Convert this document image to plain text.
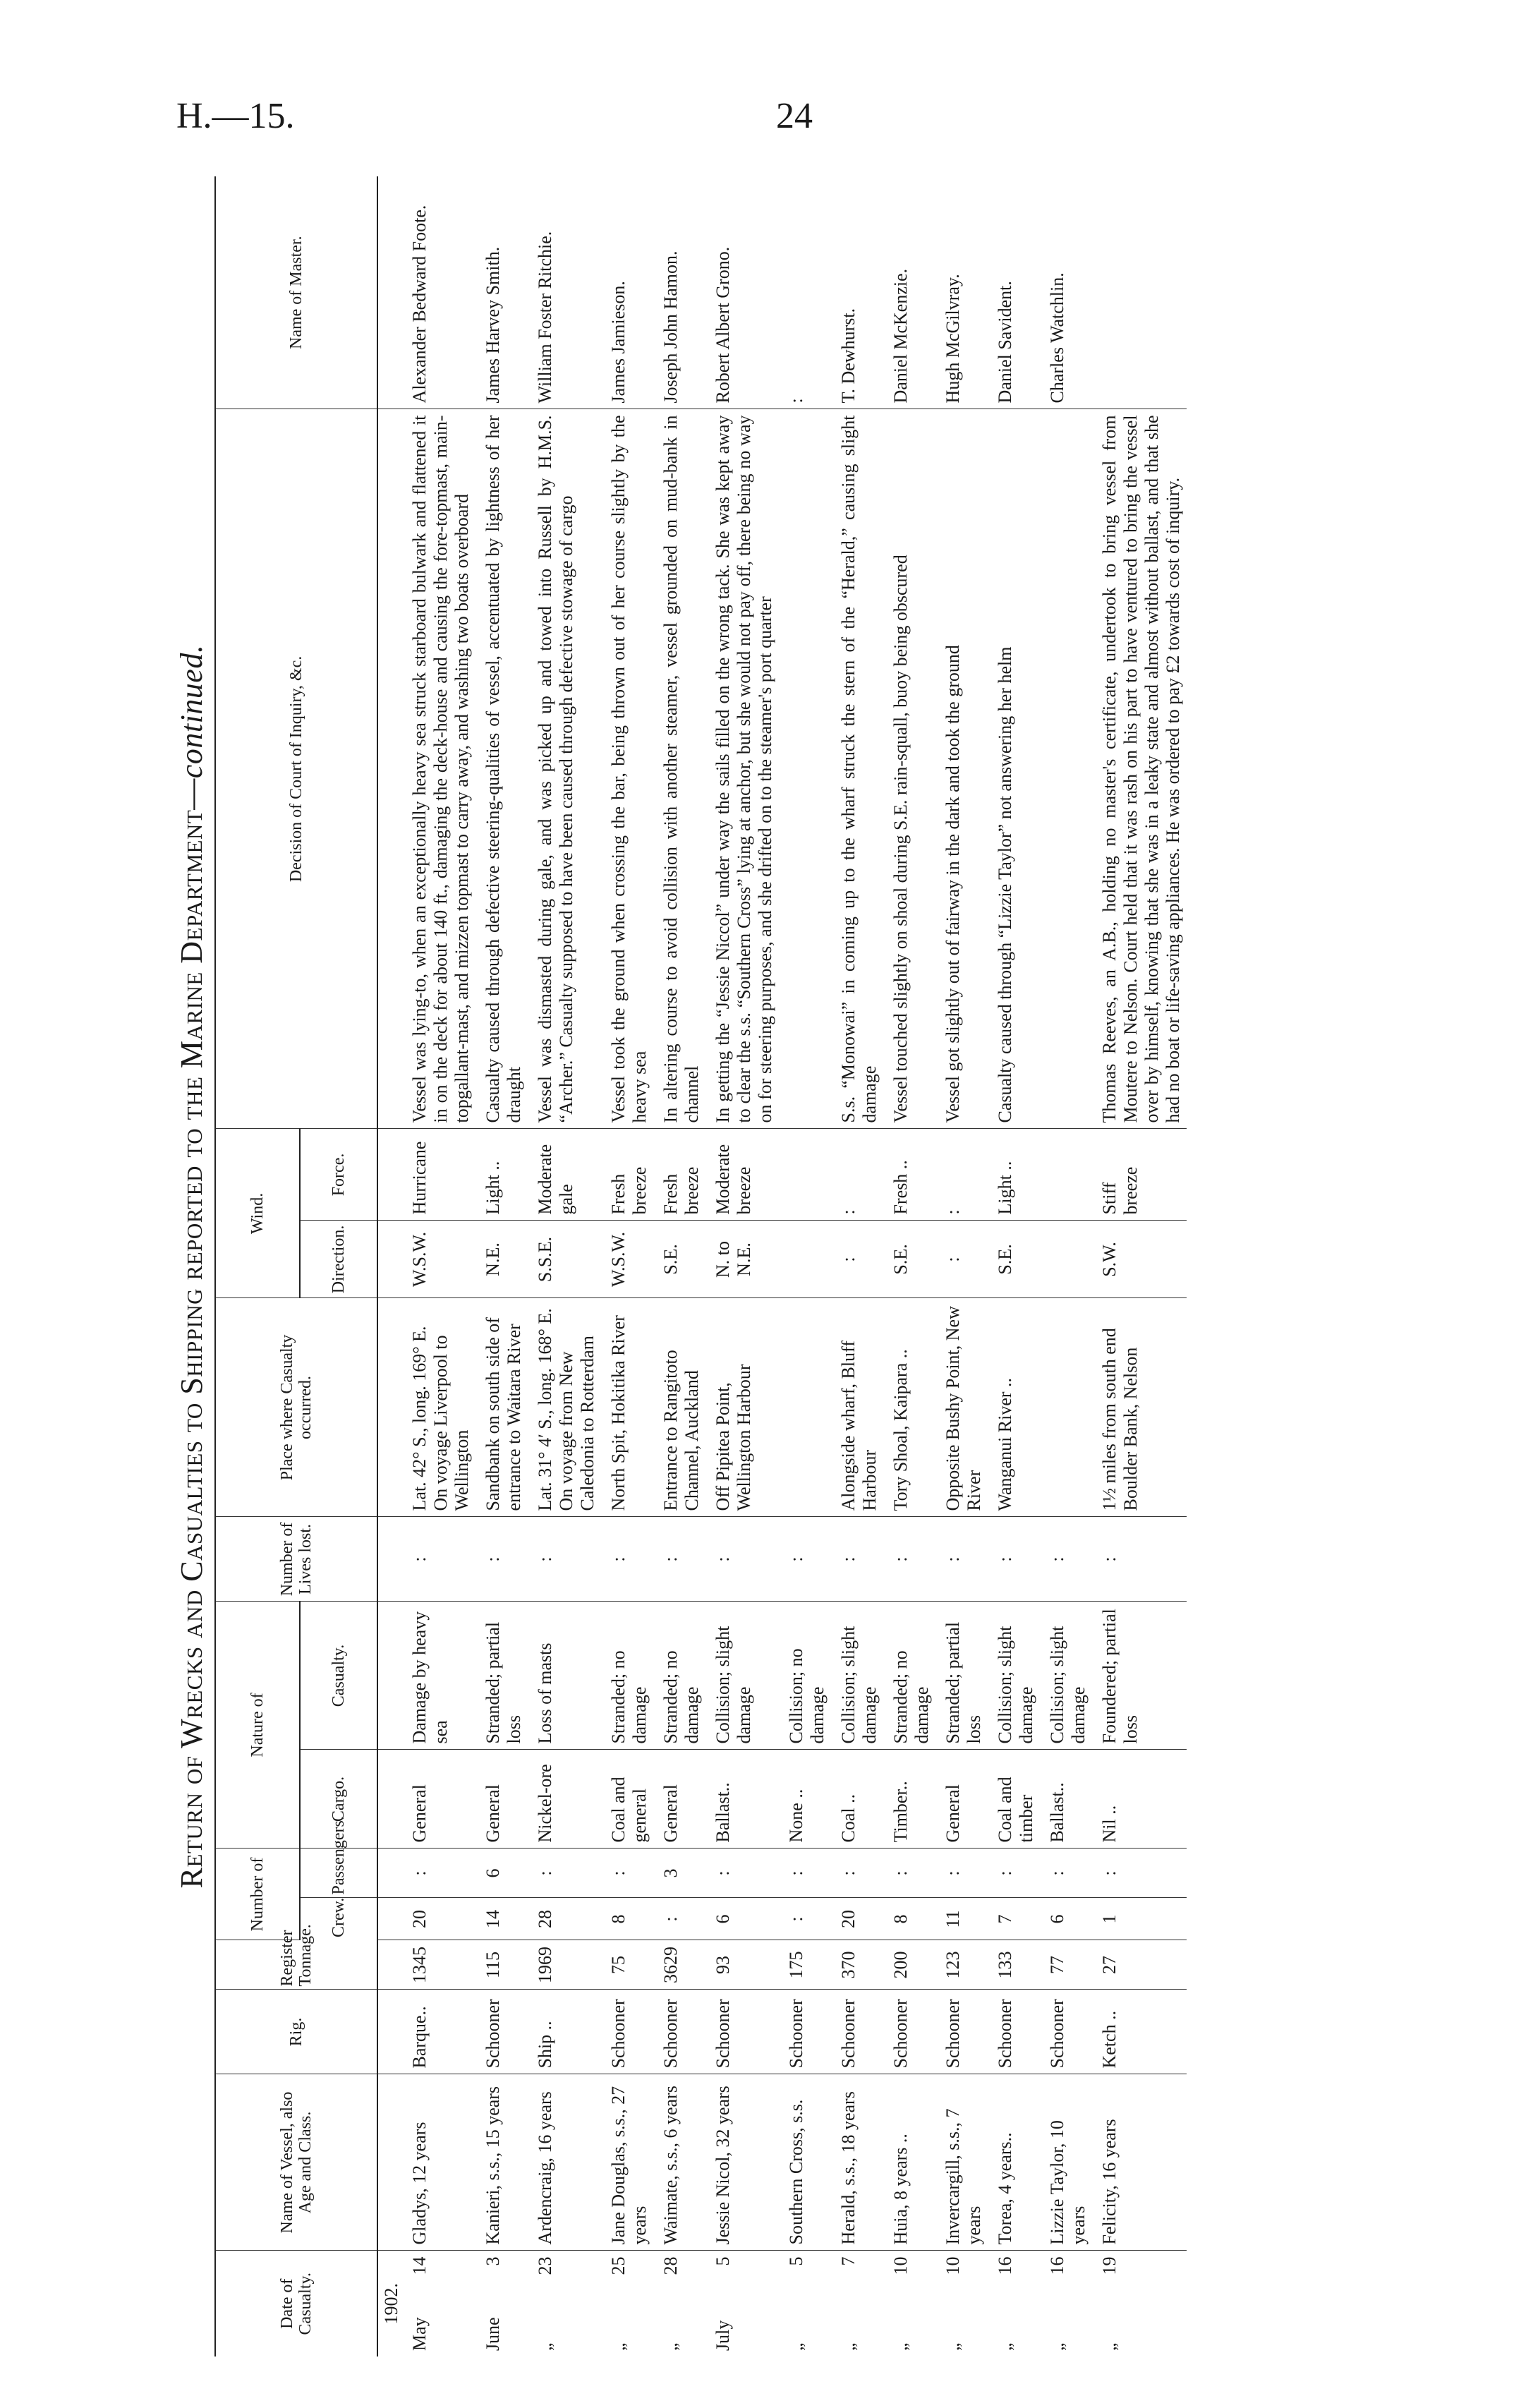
H.—15.	24
Return of Wrecks and Casualties to Shipping reported to the Marine Department—continued.
Date of Casualty.	Name of Vessel, also Age and Class.	Rig.	Register Tonnage.	Number of		Nature of		Number of Lives lost.	Place where Casualty occurred.	Wind.		Decision of Court of Inquiry, &c.	Name of Master.
				Crew.	Passengers.	Cargo.	Casualty.			Direction.	Force.		
1902.													
May
14	Gladys, 12 years	Barque..	1345	20	:	General	Damage by heavy sea	:	Lat. 42° S., long. 169° E. On voyage Liverpool to Wellington	W.S.W.	Hurricane	Vessel was lying-to, when an exceptionally heavy sea struck starboard bulwark and flattened it in on the deck for about 140 ft., damaging the deck-house and causing the fore-topmast, main-topgallant-mast, and mizzen topmast to carry away, and washing two boats overboard	Alexander Bedward Foote.
June
3	Kanieri, s.s., 15 years	Schooner	115	14	6	General	Stranded; partial loss	:	Sandbank on south side of entrance to Waitara River	N.E.	Light ..	Casualty caused through defective steering-qualities of vessel, accentuated by lightness of her draught	James Harvey Smith.
„
23	Ardencraig, 16 years	Ship ..	1969	28	:	Nickel-ore	Loss of masts	:	Lat. 31° 4′ S., long. 168° E. On voyage from New Caledonia to Rotterdam	S.S.E.	Moderate gale	Vessel was dismasted during gale, and was picked up and towed into Russell by H.M.S. “Archer.” Casualty supposed to have been caused through defective stowage of cargo	William Foster Ritchie.
„
25	Jane Douglas, s.s., 27 years	Schooner	75	8	:	Coal and general	Stranded; no damage	:	North Spit, Hokitika River	W.S.W.	Fresh breeze	Vessel took the ground when crossing the bar, being thrown out of her course slightly by the heavy sea	James Jamieson.
„
28	Waimate, s.s., 6 years	Schooner	3629	:	3	General	Stranded; no damage	:	Entrance to Rangitoto Channel, Auckland	S.E.	Fresh breeze	In altering course to avoid collision with another steamer, vessel grounded on mud-bank in channel	Joseph John Hamon.
July
5	Jessie Nicol, 32 years	Schooner	93	6	:	Ballast..	Collision; slight damage	:	Off Pipitea Point, Wellington Harbour	N. to N.E.	Moderate breeze	In getting the “Jessie Niccol” under way the sails filled on the wrong tack. She was kept away to clear the s.s. “Southern Cross” lying at anchor, but she would not pay off, there being no way on for steering purposes, and she drifted on to the steamer's port quarter	Robert Albert Grono.
„
5	Southern Cross, s.s.	Schooner	175	:	:	None ..	Collision; no damage	:					:
„
7	Herald, s.s., 18 years	Schooner	370	20	:	Coal ..	Collision; slight damage	:	Alongside wharf, Bluff Harbour	:	:	S.s. “Monowai” in coming up to the wharf struck the stern of the “Herald,” causing slight damage	T. Dewhurst.
„
10	Huia, 8 years ..	Schooner	200	8	:	Timber..	Stranded; no damage	:	Tory Shoal, Kaipara ..	S.E.	Fresh ..	Vessel touched slightly on shoal during S.E. rain-squall, buoy being obscured	Daniel McKenzie.
„
10	Invercargill, s.s., 7 years	Schooner	123	11	:	General	Stranded; partial loss	:	Opposite Bushy Point, New River	:	:	Vessel got slightly out of fairway in the dark and took the ground	Hugh McGilvray.
„
16	Torea, 4 years..	Schooner	133	7	:	Coal and timber	Collision; slight damage	:	Wanganui River ..	S.E.	Light ..	Casualty caused through “Lizzie Taylor” not answering her helm	Daniel Savident.
„
16	Lizzie Taylor, 10 years	Schooner	77	6	:	Ballast..	Collision; slight damage	:					Charles Watchlin.
„
19	Felicity, 16 years	Ketch ..	27	1	:	Nil ..	Foundered; partial loss	:	1½ miles from south end Boulder Bank, Nelson	S.W.	Stiff breeze	Thomas Reeves, an A.B., holding no master's certificate, undertook to bring vessel from Moutere to Nelson. Court held that it was rash on his part to have ventured to bring the vessel over by himself, knowing that she was in a leaky state and almost without ballast, and that she had no boat or life-saving appliances. He was ordered to pay £2 towards cost of inquiry.	
